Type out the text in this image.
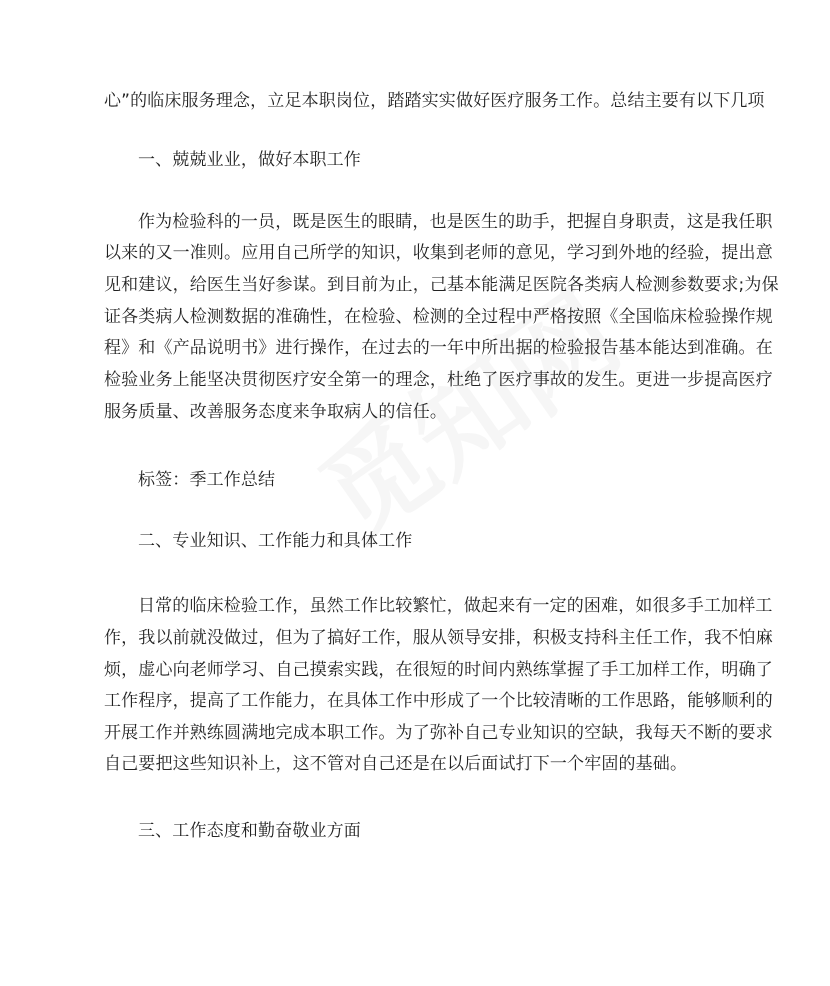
心”的临床服务理念，立足本职岗位，踏踏实实做好医疗服务工作。总结主要有以下几项
一、兢兢业业，做好本职工作
作为检验科的一员，既是医生的眼睛，也是医生的助手，把握自身职责，这是我任职
以来的又一准则。应用自己所学的知识，收集到老师的意见，学习到外地的经验，提出意
见和建议，给医生当好参谋。到目前为止，己基本能满足医院各类病人检测参数要求;为保
证各类病人检测数据的准确性，在检验、检测的全过程中严格按照《全国临床检验操作规
程》和《产品说明书》进行操作，在过去的一年中所出据的检验报告基本能达到准确。在
检验业务上能坚决贯彻医疗安全第一的理念，杜绝了医疗事故的发生。更进一步提高医疗
服务质量、改善服务态度来争取病人的信任。
标签：季工作总结
二、专业知识、工作能力和具体工作
日常的临床检验工作，虽然工作比较繁忙，做起来有一定的困难，如很多手工加样工
作，我以前就没做过，但为了搞好工作，服从领导安排，积极支持科主任工作，我不怕麻
烦，虚心向老师学习、自己摸索实践，在很短的时间内熟练掌握了手工加样工作，明确了
工作程序，提高了工作能力，在具体工作中形成了一个比较清晰的工作思路，能够顺利的
开展工作并熟练圆满地完成本职工作。为了弥补自己专业知识的空缺，我每天不断的要求
自己要把这些知识补上，这不管对自己还是在以后面试打下一个牢固的基础。
三、工作态度和勤奋敬业方面
